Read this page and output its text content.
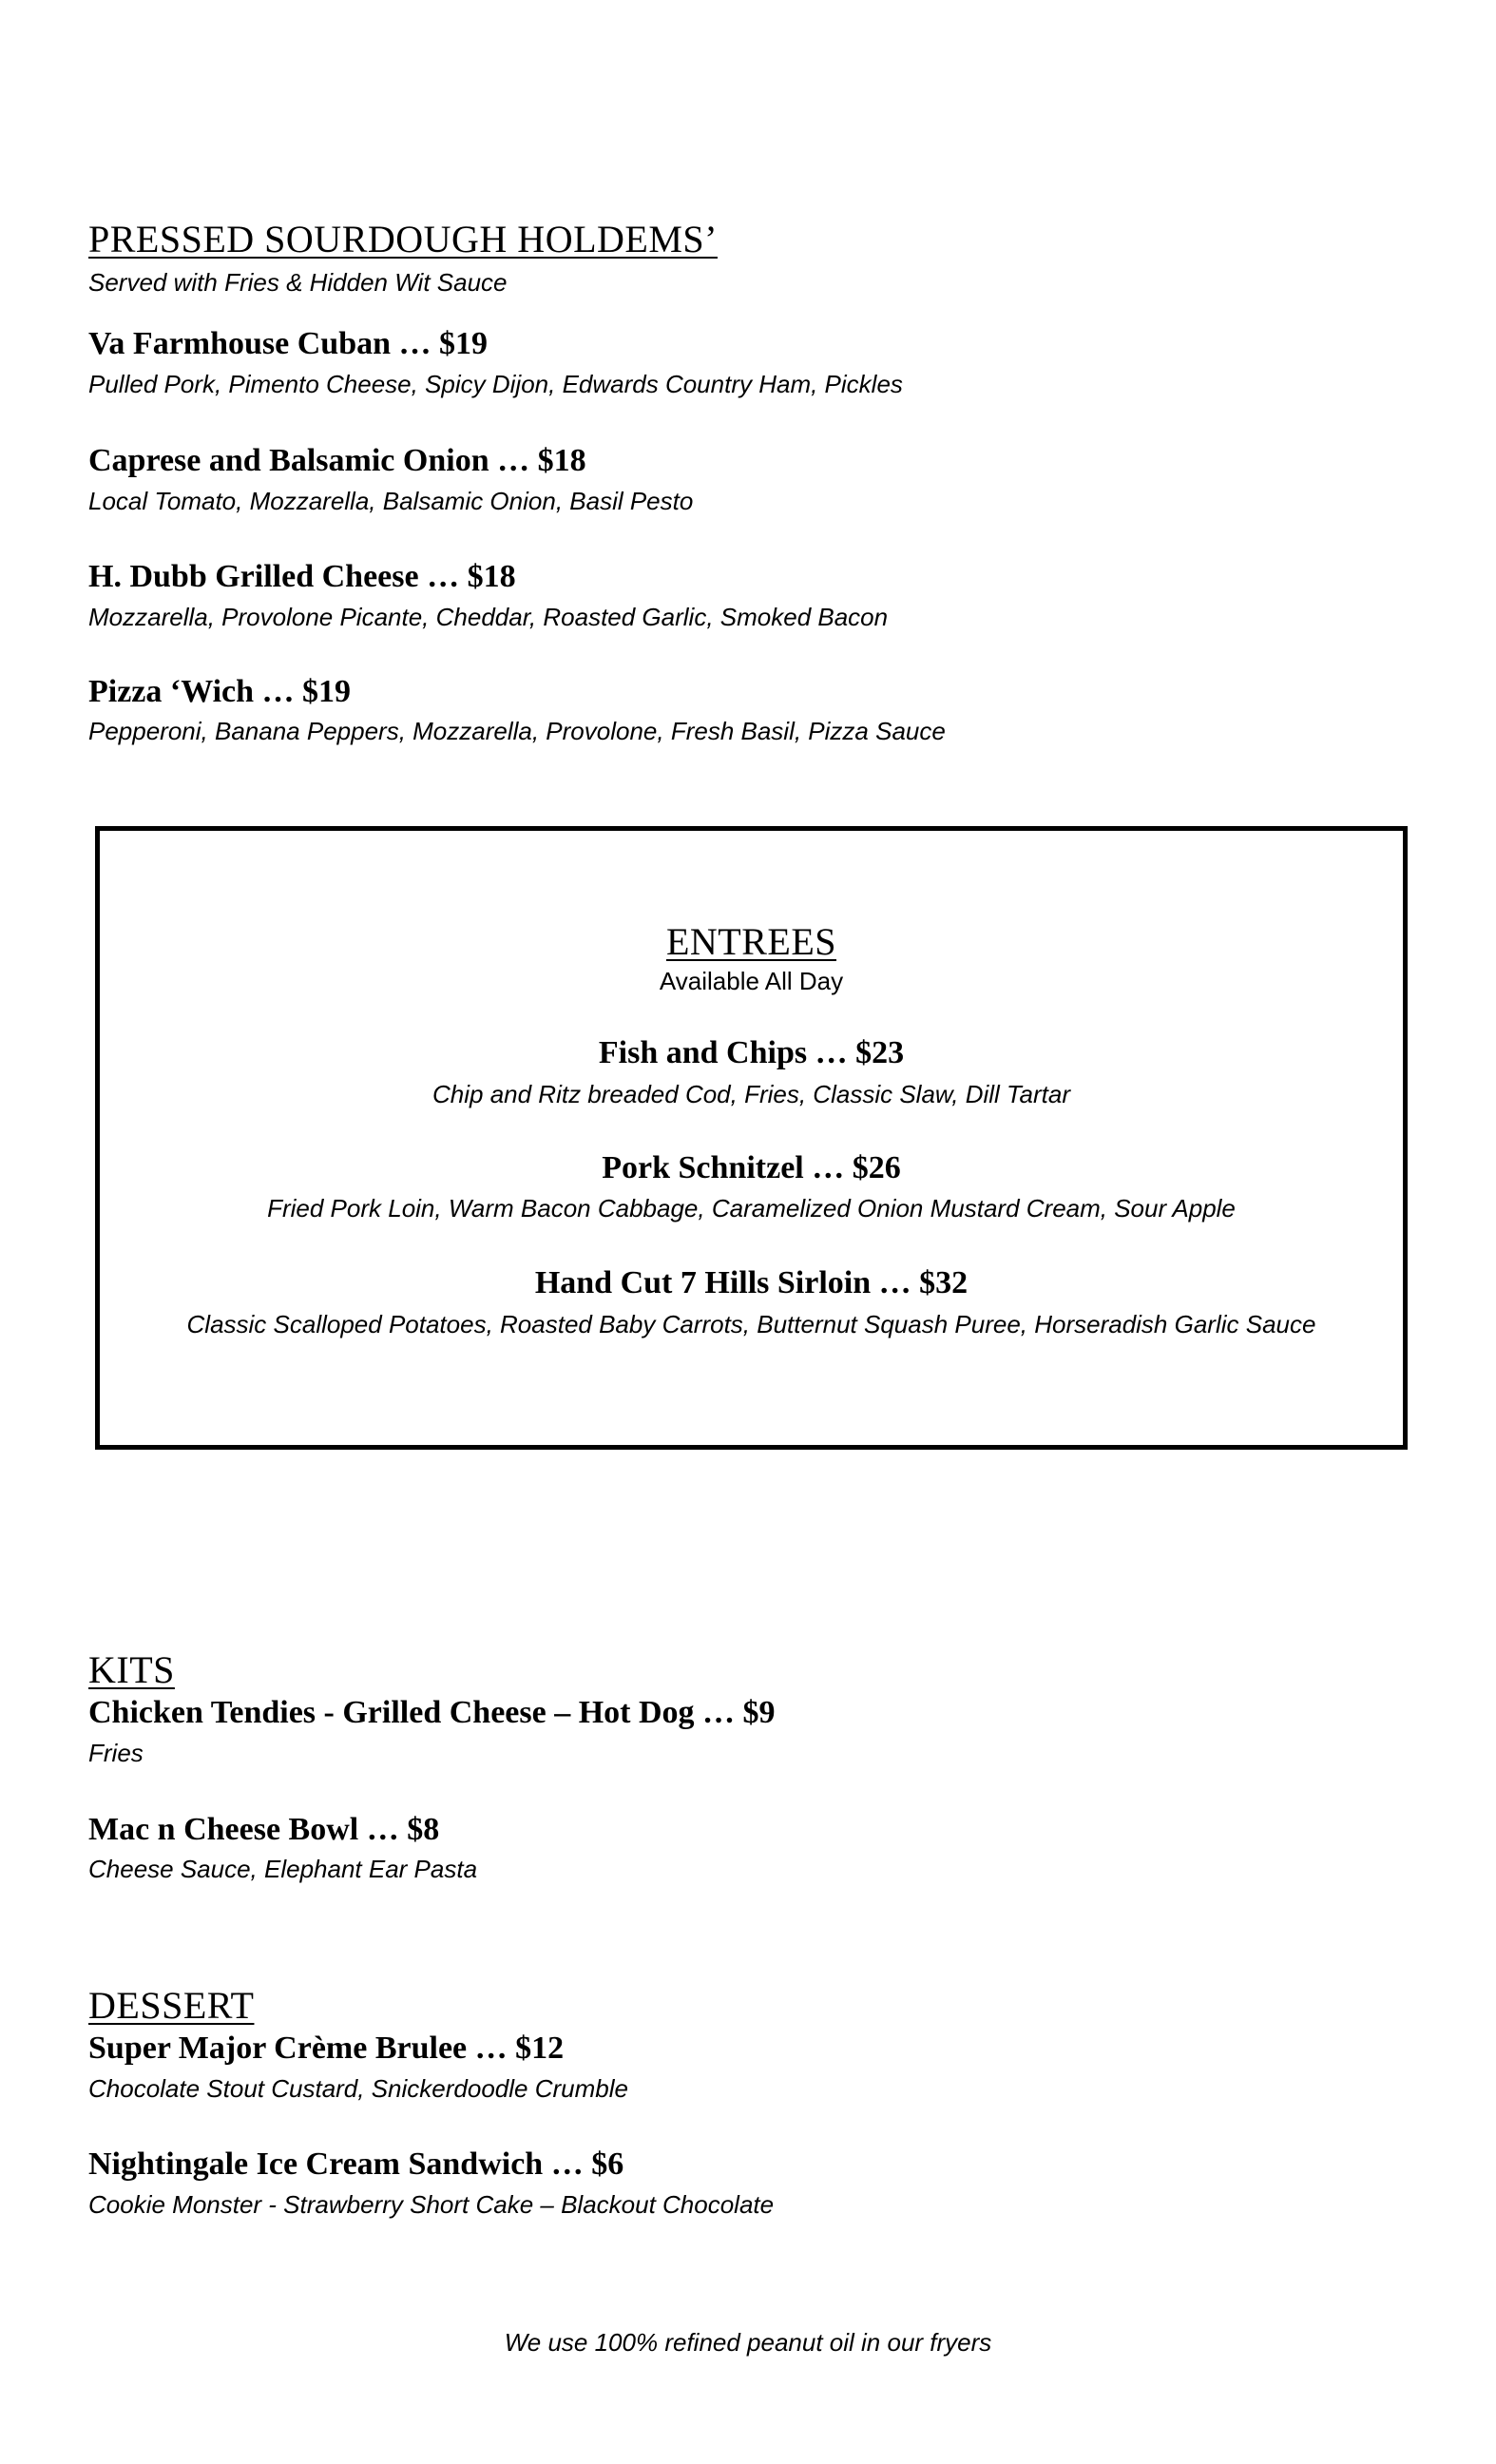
PRESSED SOURDOUGH HOLDEMS’
Served with Fries & Hidden Wit Sauce
Va Farmhouse Cuban … $19
Pulled Pork, Pimento Cheese, Spicy Dijon, Edwards Country Ham, Pickles
Caprese and Balsamic Onion … $18
Local Tomato, Mozzarella, Balsamic Onion, Basil Pesto
H. Dubb Grilled Cheese … $18
Mozzarella, Provolone Picante, Cheddar, Roasted Garlic, Smoked Bacon
Pizza ‘Wich … $19
Pepperoni, Banana Peppers, Mozzarella, Provolone, Fresh Basil, Pizza Sauce
ENTREES
Available All Day
Fish and Chips … $23
Chip and Ritz breaded Cod, Fries, Classic Slaw, Dill Tartar
Pork Schnitzel … $26
Fried Pork Loin, Warm Bacon Cabbage, Caramelized Onion Mustard Cream, Sour Apple
Hand Cut 7 Hills Sirloin … $32
Classic Scalloped Potatoes, Roasted Baby Carrots, Butternut Squash Puree, Horseradish Garlic Sauce
KITS
Chicken Tendies - Grilled Cheese – Hot Dog … $9
Fries
Mac n Cheese Bowl … $8
Cheese Sauce, Elephant Ear Pasta
DESSERT
Super Major Crème Brulee … $12
Chocolate Stout Custard, Snickerdoodle Crumble
Nightingale Ice Cream Sandwich … $6
Cookie Monster - Strawberry Short Cake – Blackout Chocolate
We use 100% refined peanut oil in our fryers
